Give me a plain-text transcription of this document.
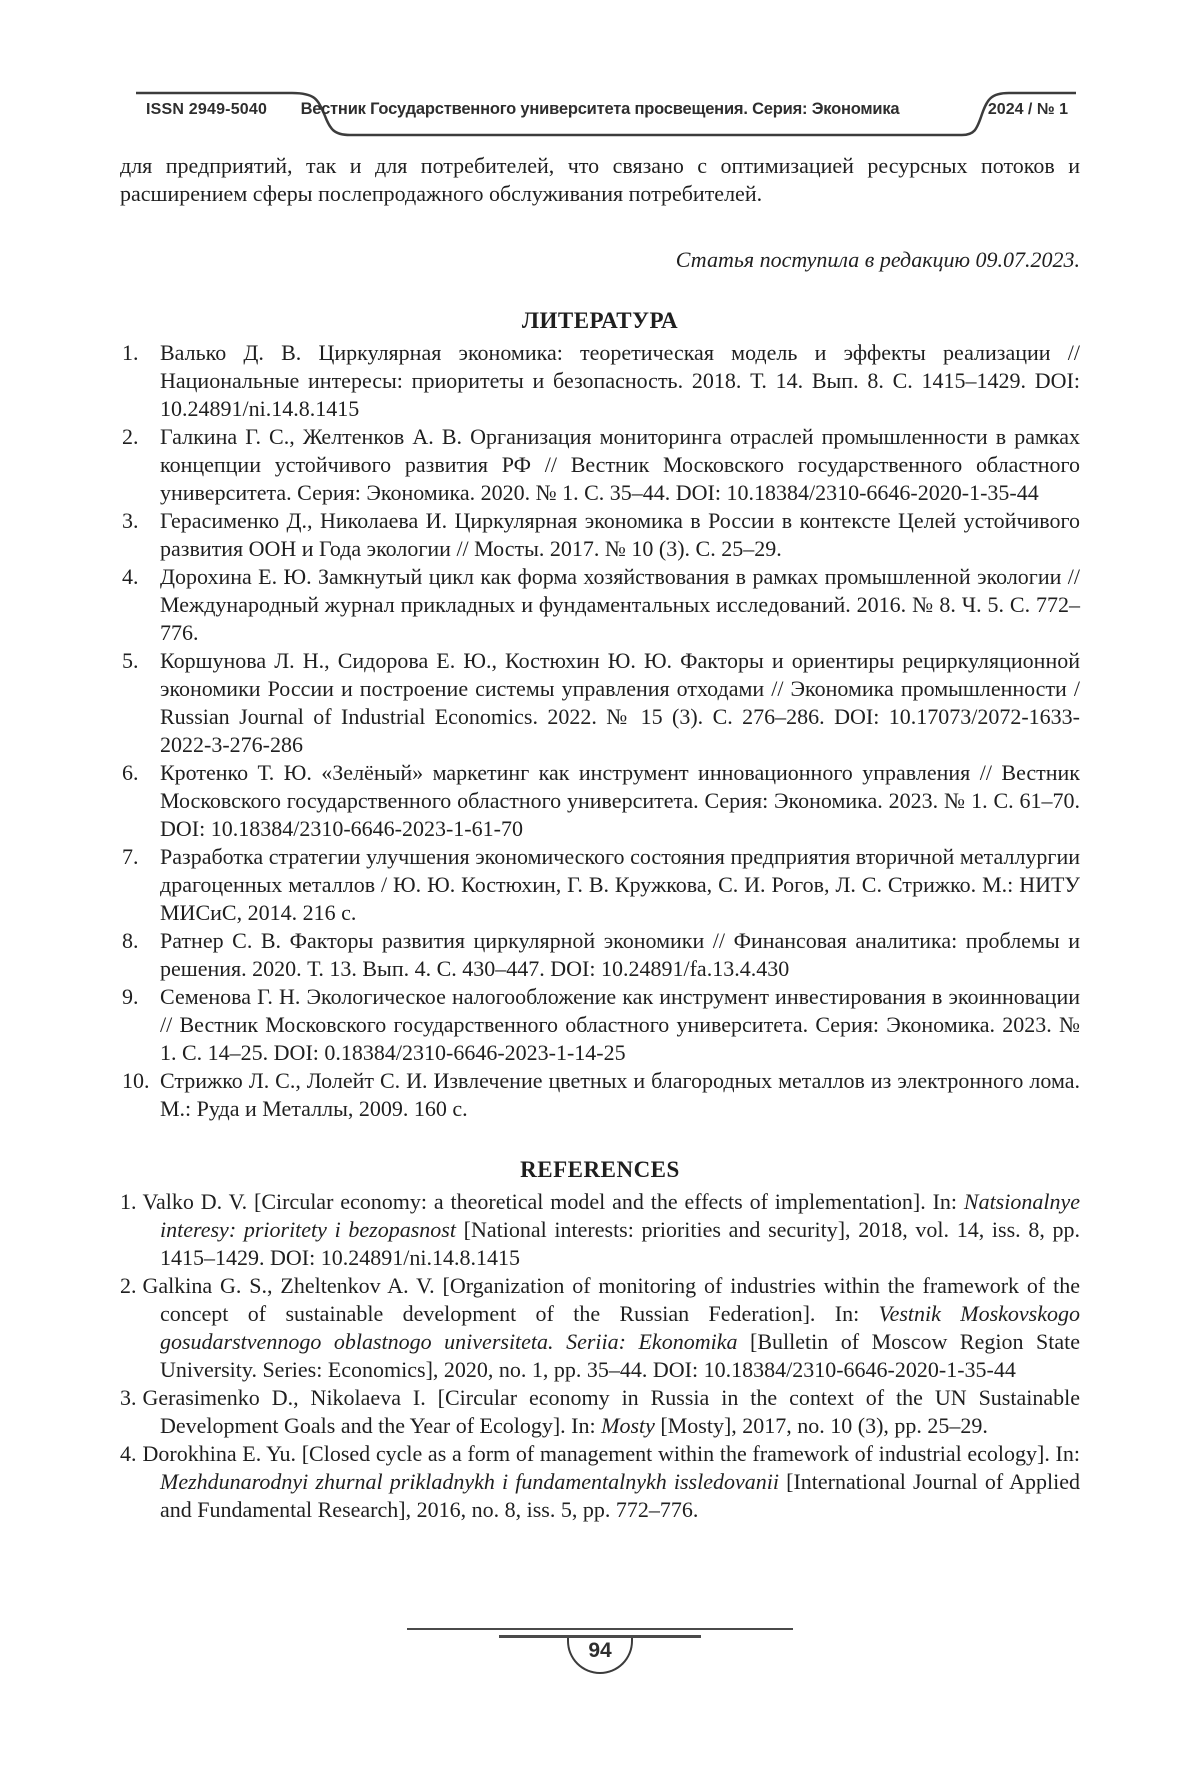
ISSN 2949-5040	Вестник Государственного университета просвещения. Серия: Экономика	2024 / № 1
для предприятий, так и для потребителей, что связано с оптимизацией ресурсных потоков и расширением сферы послепродажного обслуживания потребителей.
Статья поступила в редакцию 09.07.2023.
ЛИТЕРАТУРА
1. Валько Д. В. Циркулярная экономика: теоретическая модель и эффекты реализации // Национальные интересы: приоритеты и безопасность. 2018. Т. 14. Вып. 8. С. 1415–1429. DOI: 10.24891/ni.14.8.1415
2. Галкина Г. С., Желтенков А. В. Организация мониторинга отраслей промышленности в рамках концепции устойчивого развития РФ // Вестник Московского государственного областного университета. Серия: Экономика. 2020. № 1. С. 35–44. DOI: 10.18384/2310-6646-2020-1-35-44
3. Герасименко Д., Николаева И. Циркулярная экономика в России в контексте Целей устойчивого развития ООН и Года экологии // Мосты. 2017. № 10 (3). С. 25–29.
4. Дорохина Е. Ю. Замкнутый цикл как форма хозяйствования в рамках промышленной экологии // Международный журнал прикладных и фундаментальных исследований. 2016. № 8. Ч. 5. С. 772–776.
5. Коршунова Л. Н., Сидорова Е. Ю., Костюхин Ю. Ю. Факторы и ориентиры рециркуляционной экономики России и построение системы управления отходами // Экономика промышленности / Russian Journal of Industrial Economics. 2022. № 15 (3). С. 276–286. DOI: 10.17073/2072-1633-2022-3-276-286
6. Кротенко Т. Ю. «Зелёный» маркетинг как инструмент инновационного управления // Вестник Московского государственного областного университета. Серия: Экономика. 2023. № 1. С. 61–70. DOI: 10.18384/2310-6646-2023-1-61-70
7. Разработка стратегии улучшения экономического состояния предприятия вторичной металлургии драгоценных металлов / Ю. Ю. Костюхин, Г. В. Кружкова, С. И. Рогов, Л. С. Стрижко. М.: НИТУ МИСиС, 2014. 216 с.
8. Ратнер С. В. Факторы развития циркулярной экономики // Финансовая аналитика: проблемы и решения. 2020. Т. 13. Вып. 4. С. 430–447. DOI: 10.24891/fa.13.4.430
9. Семенова Г. Н. Экологическое налогообложение как инструмент инвестирования в экоинновации // Вестник Московского государственного областного университета. Серия: Экономика. 2023. № 1. С. 14–25. DOI: 0.18384/2310-6646-2023-1-14-25
10. Стрижко Л. С., Лолейт С. И. Извлечение цветных и благородных металлов из электронного лома. М.: Руда и Металлы, 2009. 160 с.
REFERENCES
1. Valko D. V. [Circular economy: a theoretical model and the effects of implementation]. In: Natsionalnye interesy: prioritety i bezopasnost [National interests: priorities and security], 2018, vol. 14, iss. 8, pp. 1415–1429. DOI: 10.24891/ni.14.8.1415
2. Galkina G. S., Zheltenkov A. V. [Organization of monitoring of industries within the framework of the concept of sustainable development of the Russian Federation]. In: Vestnik Moskovskogo gosudarstvennogo oblastnogo universiteta. Seriia: Ekonomika [Bulletin of Moscow Region State University. Series: Economics], 2020, no. 1, pp. 35–44. DOI: 10.18384/2310-6646-2020-1-35-44
3. Gerasimenko D., Nikolaeva I. [Circular economy in Russia in the context of the UN Sustainable Development Goals and the Year of Ecology]. In: Mosty [Mosty], 2017, no. 10 (3), pp. 25–29.
4. Dorokhina E. Yu. [Closed cycle as a form of management within the framework of industrial ecology]. In: Mezhdunarodnyi zhurnal prikladnykh i fundamentalnykh issledovanii [International Journal of Applied and Fundamental Research], 2016, no. 8, iss. 5, pp. 772–776.
94
